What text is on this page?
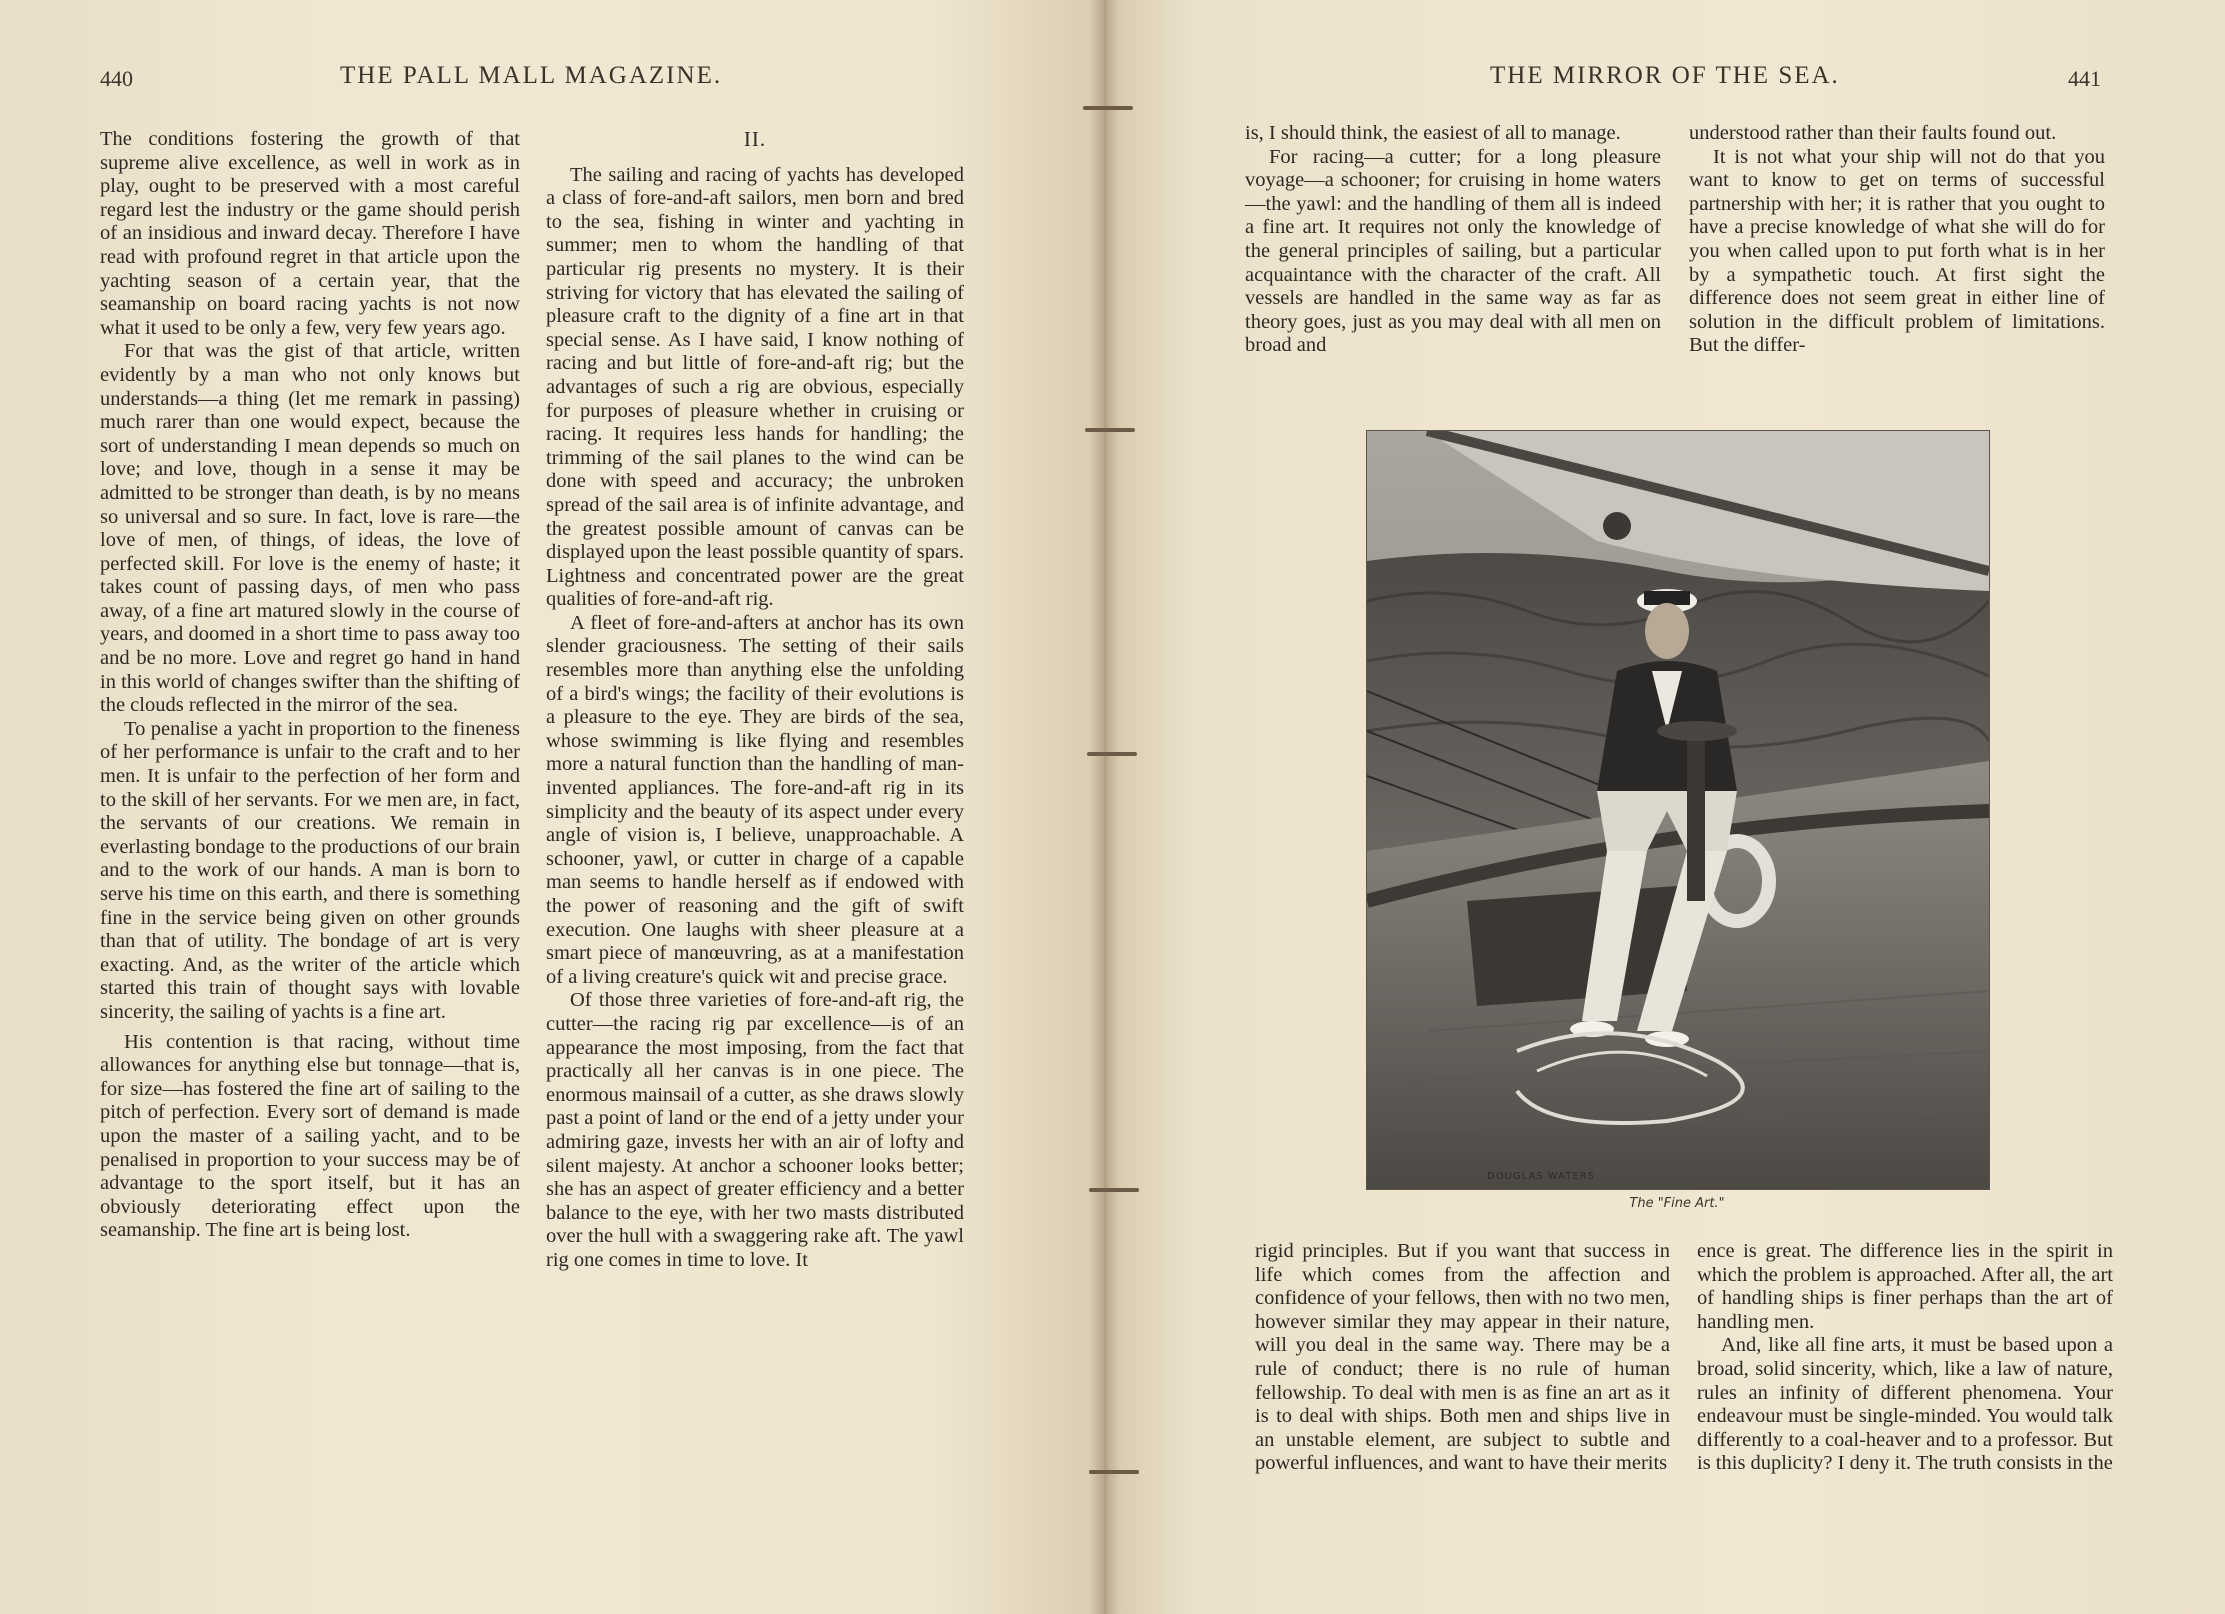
440	THE PALL MALL MAGAZINE.

The conditions fostering the growth of that supreme alive excellence, as well in work as in play, ought to be preserved with a most careful regard lest the industry or the game should perish of an insidious and inward decay. Therefore I have read with profound regret in that article upon the yachting season of a certain year, that the seamanship on board racing yachts is not now what it used to be only a few, very few years ago.

For that was the gist of that article, written evidently by a man who not only knows but understands—a thing (let me remark in passing) much rarer than one would expect, because the sort of understanding I mean depends so much on love; and love, though in a sense it may be admitted to be stronger than death, is by no means so universal and so sure. In fact, love is rare—the love of men, of things, of ideas, the love of perfected skill. For love is the enemy of haste; it takes count of passing days, of men who pass away, of a fine art matured slowly in the course of years, and doomed in a short time to pass away too and be no more. Love and regret go hand in hand in this world of changes swifter than the shifting of the clouds reflected in the mirror of the sea.

To penalise a yacht in proportion to the fineness of her performance is unfair to the craft and to her men. It is unfair to the perfection of her form and to the skill of her servants. For we men are, in fact, the servants of our creations. We remain in everlasting bondage to the productions of our brain and to the work of our hands. A man is born to serve his time on this earth, and there is something fine in the service being given on other grounds than that of utility. The bondage of art is very exacting. And, as the writer of the article which started this train of thought says with lovable sincerity, the sailing of yachts is a fine art.

His contention is that racing, without time allowances for anything else but tonnage—that is, for size—has fostered the fine art of sailing to the pitch of perfection. Every sort of demand is made upon the master of a sailing yacht, and to be penalised in proportion to your success may be of advantage to the sport itself, but it has an obviously deteriorating effect upon the seamanship. The fine art is being lost.

II.

The sailing and racing of yachts has developed a class of fore-and-aft sailors, men born and bred to the sea, fishing in winter and yachting in summer; men to whom the handling of that particular rig presents no mystery. It is their striving for victory that has elevated the sailing of pleasure craft to the dignity of a fine art in that special sense. As I have said, I know nothing of racing and but little of fore-and-aft rig; but the advantages of such a rig are obvious, especially for purposes of pleasure whether in cruising or racing. It requires less hands for handling; the trimming of the sail planes to the wind can be done with speed and accuracy; the unbroken spread of the sail area is of infinite advantage, and the greatest possible amount of canvas can be displayed upon the least possible quantity of spars. Lightness and concentrated power are the great qualities of fore-and-aft rig.

A fleet of fore-and-afters at anchor has its own slender graciousness. The setting of their sails resembles more than anything else the unfolding of a bird's wings; the facility of their evolutions is a pleasure to the eye. They are birds of the sea, whose swimming is like flying and resembles more a natural function than the handling of man-invented appliances. The fore-and-aft rig in its simplicity and the beauty of its aspect under every angle of vision is, I believe, unapproachable. A schooner, yawl, or cutter in charge of a capable man seems to handle herself as if endowed with the power of reasoning and the gift of swift execution. One laughs with sheer pleasure at a smart piece of manœuvring, as at a manifestation of a living creature's quick wit and precise grace.

Of those three varieties of fore-and-aft rig, the cutter—the racing rig par excellence—is of an appearance the most imposing, from the fact that practically all her canvas is in one piece. The enormous mainsail of a cutter, as she draws slowly past a point of land or the end of a jetty under your admiring gaze, invests her with an air of lofty and silent majesty. At anchor a schooner looks better; she has an aspect of greater efficiency and a better balance to the eye, with her two masts distributed over the hull with a swaggering rake aft. The yawl rig one comes in time to love. It

THE MIRROR OF THE SEA.	441

is, I should think, the easiest of all to manage.

For racing—a cutter; for a long pleasure voyage—a schooner; for cruising in home waters—the yawl: and the handling of them all is indeed a fine art. It requires not only the knowledge of the general principles of sailing, but a particular acquaintance with the character of the craft. All vessels are handled in the same way as far as theory goes, just as you may deal with all men on broad and

understood rather than their faults found out.

It is not what your ship will not do that you want to know to get on terms of successful partnership with her; it is rather that you ought to have a precise knowledge of what she will do for you when called upon to put forth what is in her by a sympathetic touch. At first sight the difference does not seem great in either line of solution in the difficult problem of limitations. But the differ-

DOUGLAS WATERS
The "Fine Art."

rigid principles. But if you want that success in life which comes from the affection and confidence of your fellows, then with no two men, however similar they may appear in their nature, will you deal in the same way. There may be a rule of conduct; there is no rule of human fellowship. To deal with men is as fine an art as it is to deal with ships. Both men and ships live in an unstable element, are subject to subtle and powerful influences, and want to have their merits

ence is great. The difference lies in the spirit in which the problem is approached. After all, the art of handling ships is finer perhaps than the art of handling men.

And, like all fine arts, it must be based upon a broad, solid sincerity, which, like a law of nature, rules an infinity of different phenomena. Your endeavour must be single-minded. You would talk differently to a coal-heaver and to a professor. But is this duplicity? I deny it. The truth consists in the
